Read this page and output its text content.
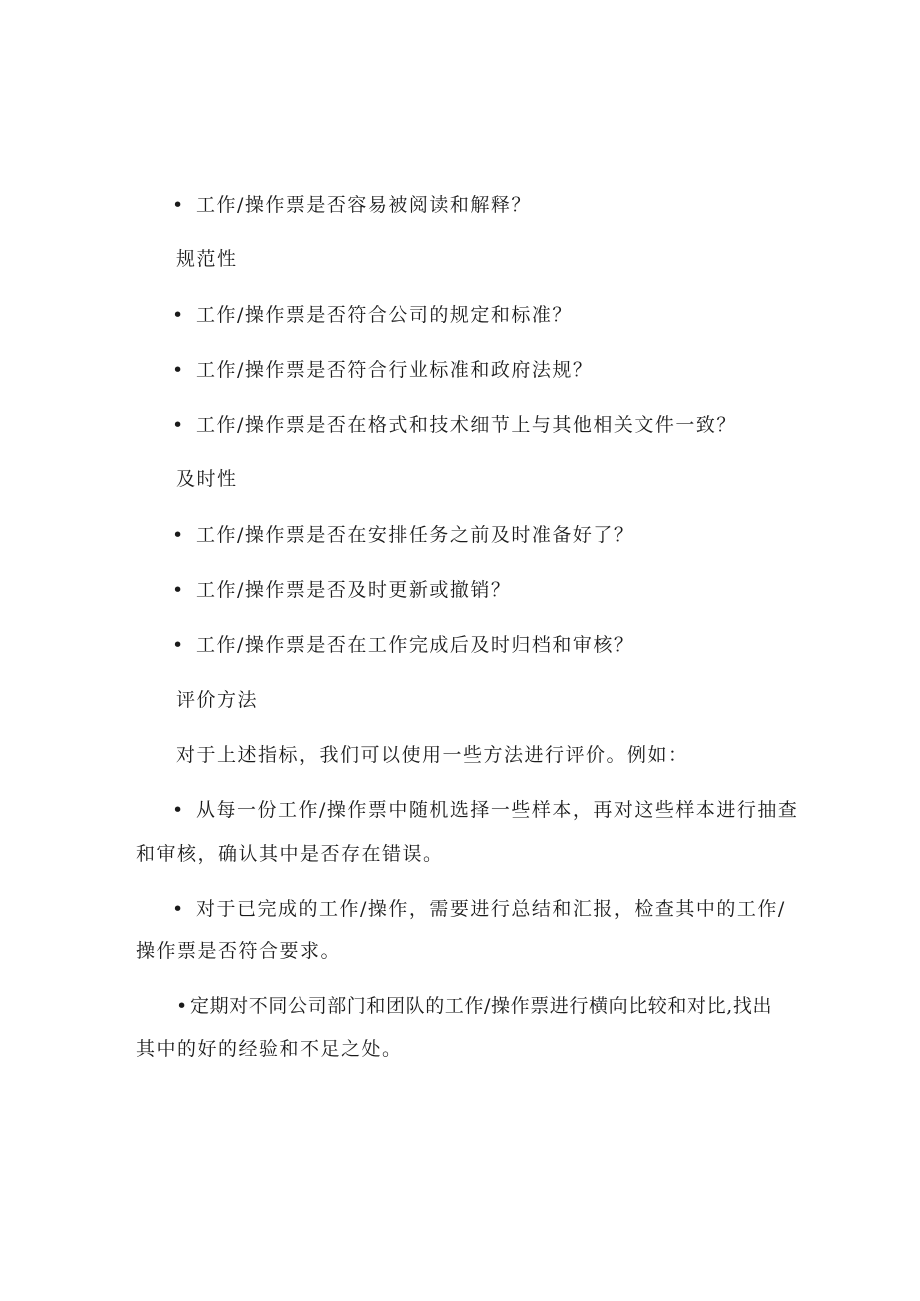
• 工作/操作票是否容易被阅读和解释？
规范性
• 工作/操作票是否符合公司的规定和标准？
• 工作/操作票是否符合行业标准和政府法规？
• 工作/操作票是否在格式和技术细节上与其他相关文件一致？
及时性
• 工作/操作票是否在安排任务之前及时准备好了？
• 工作/操作票是否及时更新或撤销？
• 工作/操作票是否在工作完成后及时归档和审核？
评价方法
对于上述指标，我们可以使用一些方法进行评价。例如：
• 从每一份工作/操作票中随机选择一些样本，再对这些样本进行抽查
和审核，确认其中是否存在错误。
• 对于已完成的工作/操作，需要进行总结和汇报，检查其中的工作/
操作票是否符合要求。
•定期对不同公司部门和团队的工作/操作票进行横向比较和对比,找出
其中的好的经验和不足之处。
